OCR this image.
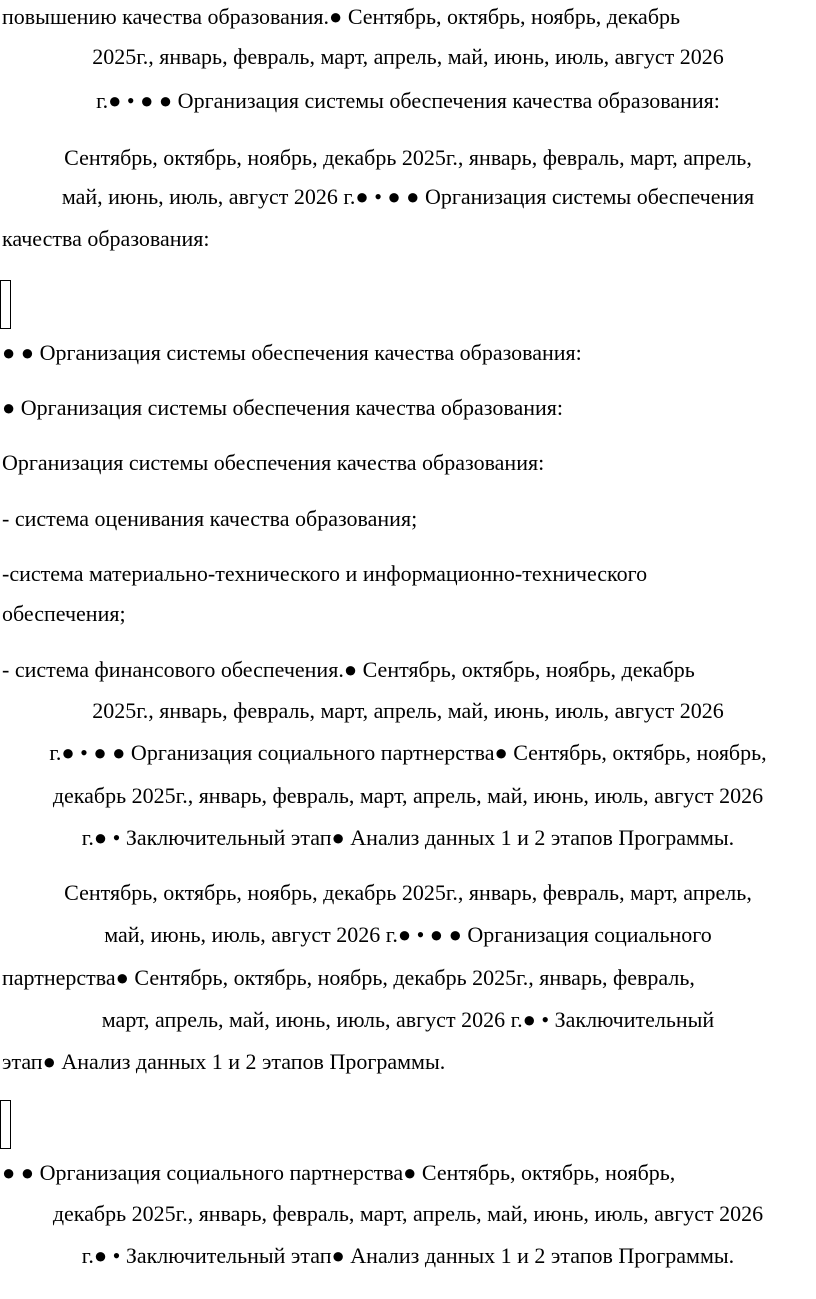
повышению качества образования.● Сентябрь, октябрь, ноябрь, декабрь
2025г., январь, февраль, март, апрель, май, июнь, июль, август 2026
г.● • ● ● Организация системы обеспечения качества образования:
Сентябрь, октябрь, ноябрь, декабрь 2025г., январь, февраль, март, апрель,
май, июнь, июль, август 2026 г.● • ● ● Организация системы обеспечения
качества образования:
● ● Организация системы обеспечения качества образования:
● Организация системы обеспечения качества образования:
Организация системы обеспечения качества образования:
- система оценивания качества образования;
-система материально-технического и информационно-технического
обеспечения;
- система финансового обеспечения.● Сентябрь, октябрь, ноябрь, декабрь
2025г., январь, февраль, март, апрель, май, июнь, июль, август 2026
г.● • ● ● Организация социального партнерства● Сентябрь, октябрь, ноябрь,
декабрь 2025г., январь, февраль, март, апрель, май, июнь, июль, август 2026
г.● • Заключительный этап● Анализ данных 1 и 2 этапов Программы.
Сентябрь, октябрь, ноябрь, декабрь 2025г., январь, февраль, март, апрель,
май, июнь, июль, август 2026 г.● • ● ● Организация социального
партнерства● Сентябрь, октябрь, ноябрь, декабрь 2025г., январь, февраль,
март, апрель, май, июнь, июль, август 2026 г.● • Заключительный
этап● Анализ данных 1 и 2 этапов Программы.
● ● Организация социального партнерства● Сентябрь, октябрь, ноябрь,
декабрь 2025г., январь, февраль, март, апрель, май, июнь, июль, август 2026
г.● • Заключительный этап● Анализ данных 1 и 2 этапов Программы.
